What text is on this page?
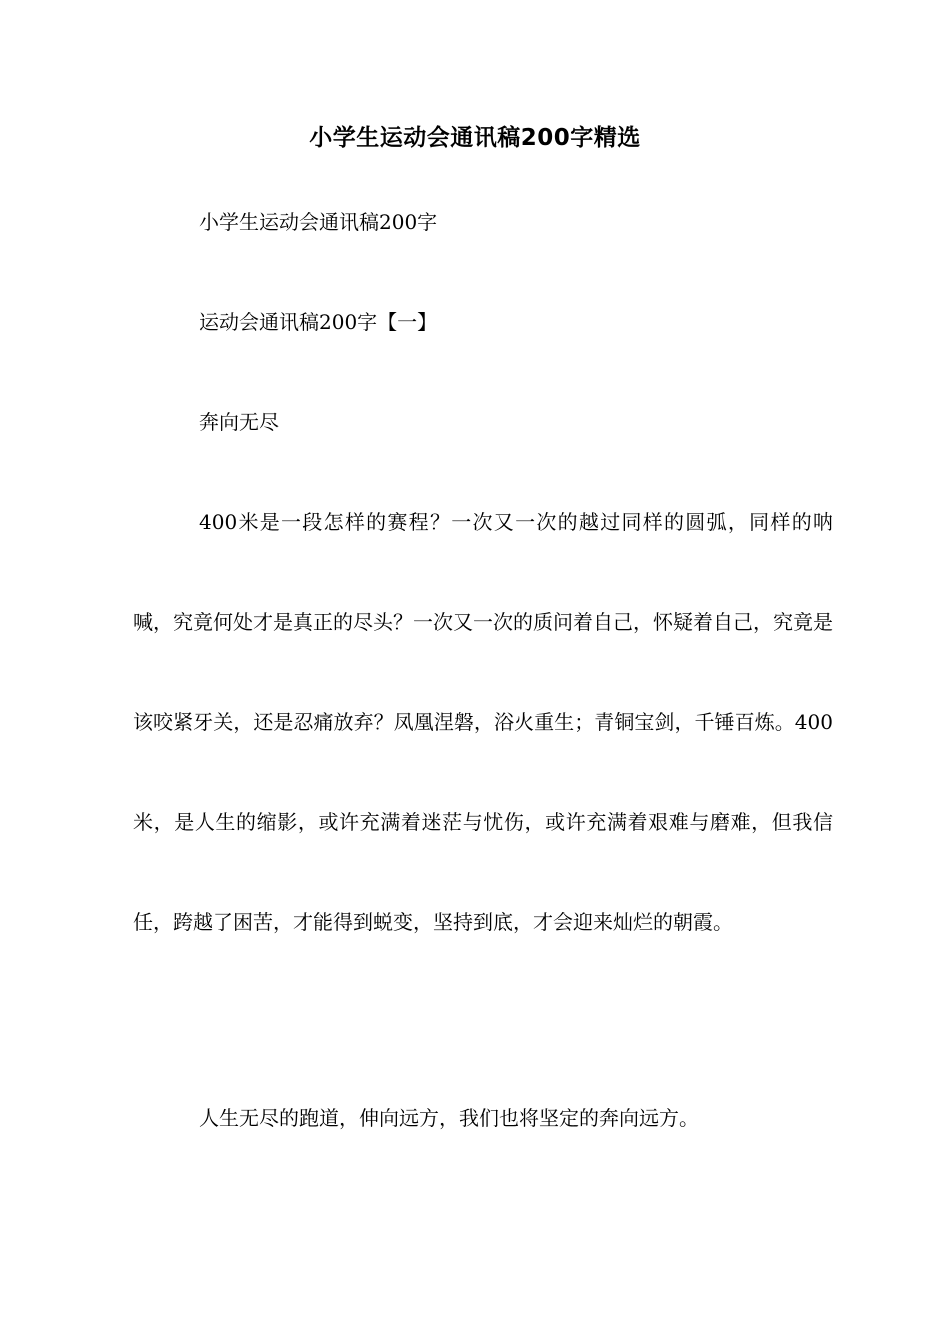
小学生运动会通讯稿200字精选

小学生运动会通讯稿200字

运动会通讯稿200字【一】

奔向无尽

400米是一段怎样的赛程？一次又一次的越过同样的圆弧，同样的呐喊，究竟何处才是真正的尽头？一次又一次的质问着自己，怀疑着自己，究竟是该咬紧牙关，还是忍痛放弃？凤凰涅磐，浴火重生；青铜宝剑，千锤百炼。400米，是人生的缩影，或许充满着迷茫与忧伤，或许充满着艰难与磨难，但我信任，跨越了困苦，才能得到蜕变，坚持到底，才会迎来灿烂的朝霞。

人生无尽的跑道，伸向远方，我们也将坚定的奔向远方。
